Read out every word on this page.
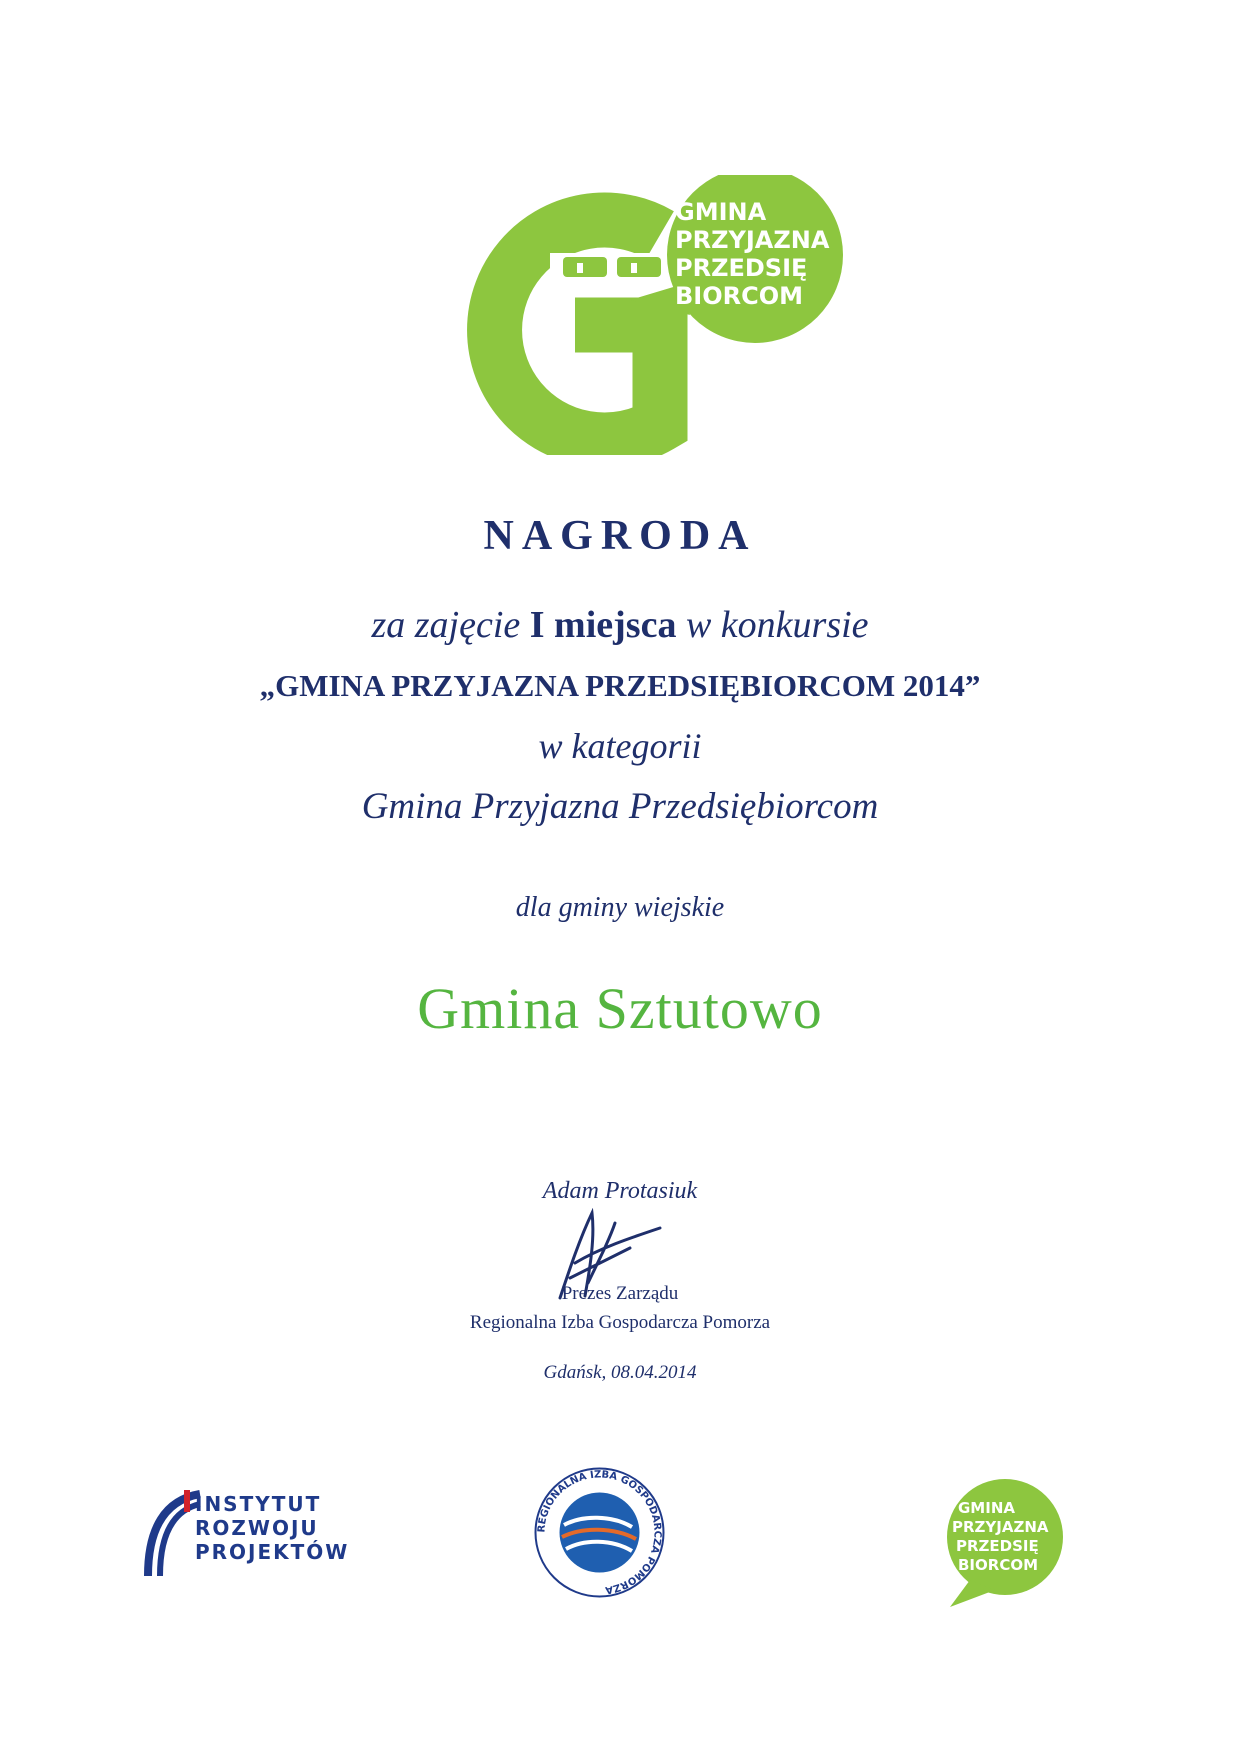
GMINA
PRZYJAZNA
PRZEDSIĘ
BIORCOM
NAGRODA
za zajęcie I miejsca w konkursie
„GMINA PRZYJAZNA PRZEDSIĘBIORCOM 2014”
w kategorii
Gmina Przyjazna Przedsiębiorcom
dla gminy wiejskie
Gmina Sztutowo
Adam Protasiuk
Prezes Zarządu
Regionalna Izba Gospodarcza Pomorza
Gdańsk, 08.04.2014
INSTYTUT
ROZWOJU
PROJEKTÓW
REGIONALNA IZBA GOSPODARCZA POMORZA
GMINA
PRZYJAZNA
PRZEDSIĘ
BIORCOM
